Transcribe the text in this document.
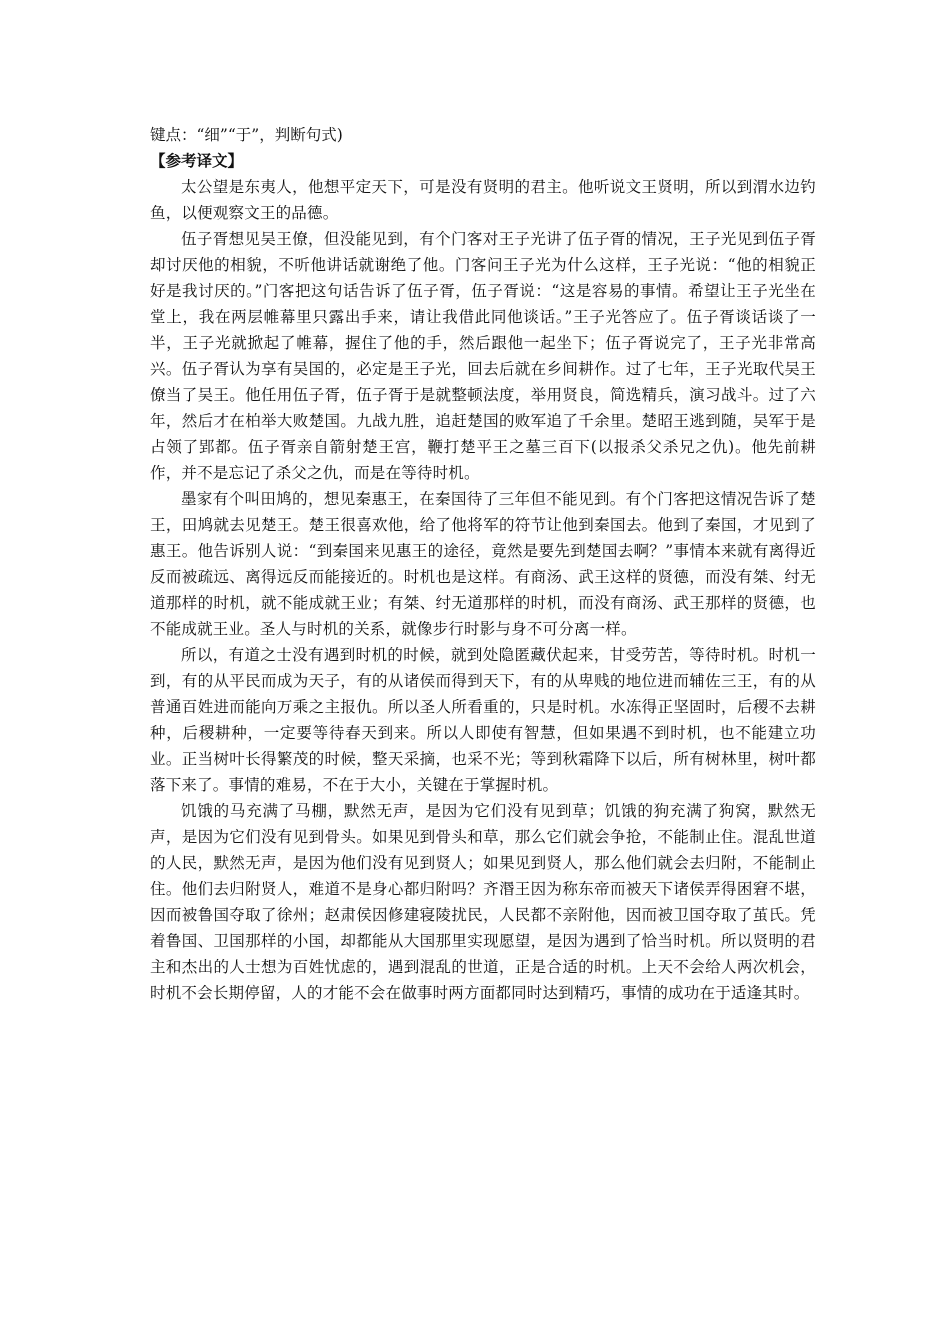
键点：“细”“于”，判断句式)

【参考译文】

太公望是东夷人，他想平定天下，可是没有贤明的君主。他听说文王贤明，所以到渭水边钓鱼，以便观察文王的品德。

伍子胥想见吴王僚，但没能见到，有个门客对王子光讲了伍子胥的情况，王子光见到伍子胥却讨厌他的相貌，不听他讲话就谢绝了他。门客问王子光为什么这样，王子光说：“他的相貌正好是我讨厌的。”门客把这句话告诉了伍子胥，伍子胥说：“这是容易的事情。希望让王子光坐在堂上，我在两层帷幕里只露出手来，请让我借此同他谈话。”王子光答应了。伍子胥谈话谈了一半，王子光就掀起了帷幕，握住了他的手，然后跟他一起坐下；伍子胥说完了，王子光非常高兴。伍子胥认为享有吴国的，必定是王子光，回去后就在乡间耕作。过了七年，王子光取代吴王僚当了吴王。他任用伍子胥，伍子胥于是就整顿法度，举用贤良，简选精兵，演习战斗。过了六年，然后才在柏举大败楚国。九战九胜，追赶楚国的败军追了千余里。楚昭王逃到随，吴军于是占领了郢都。伍子胥亲自箭射楚王宫，鞭打楚平王之墓三百下(以报杀父杀兄之仇)。他先前耕作，并不是忘记了杀父之仇，而是在等待时机。

墨家有个叫田鸠的，想见秦惠王，在秦国待了三年但不能见到。有个门客把这情况告诉了楚王，田鸠就去见楚王。楚王很喜欢他，给了他将军的符节让他到秦国去。他到了秦国，才见到了惠王。他告诉别人说：“到秦国来见惠王的途径，竟然是要先到楚国去啊？”事情本来就有离得近反而被疏远、离得远反而能接近的。时机也是这样。有商汤、武王这样的贤德，而没有桀、纣无道那样的时机，就不能成就王业；有桀、纣无道那样的时机，而没有商汤、武王那样的贤德，也不能成就王业。圣人与时机的关系，就像步行时影与身不可分离一样。

所以，有道之士没有遇到时机的时候，就到处隐匿藏伏起来，甘受劳苦，等待时机。时机一到，有的从平民而成为天子，有的从诸侯而得到天下，有的从卑贱的地位进而辅佐三王，有的从普通百姓进而能向万乘之主报仇。所以圣人所看重的，只是时机。水冻得正坚固时，后稷不去耕种，后稷耕种，一定要等待春天到来。所以人即使有智慧，但如果遇不到时机，也不能建立功业。正当树叶长得繁茂的时候，整天采摘，也采不光；等到秋霜降下以后，所有树林里，树叶都落下来了。事情的难易，不在于大小，关键在于掌握时机。

饥饿的马充满了马棚，默然无声，是因为它们没有见到草；饥饿的狗充满了狗窝，默然无声，是因为它们没有见到骨头。如果见到骨头和草，那么它们就会争抢，不能制止住。混乱世道的人民，默然无声，是因为他们没有见到贤人；如果见到贤人，那么他们就会去归附，不能制止住。他们去归附贤人，难道不是身心都归附吗？齐湣王因为称东帝而被天下诸侯弄得困窘不堪，因而被鲁国夺取了徐州；赵肃侯因修建寝陵扰民，人民都不亲附他，因而被卫国夺取了茧氏。凭着鲁国、卫国那样的小国，却都能从大国那里实现愿望，是因为遇到了恰当时机。所以贤明的君主和杰出的人士想为百姓忧虑的，遇到混乱的世道，正是合适的时机。上天不会给人两次机会，时机不会长期停留，人的才能不会在做事时两方面都同时达到精巧，事情的成功在于适逢其时。
